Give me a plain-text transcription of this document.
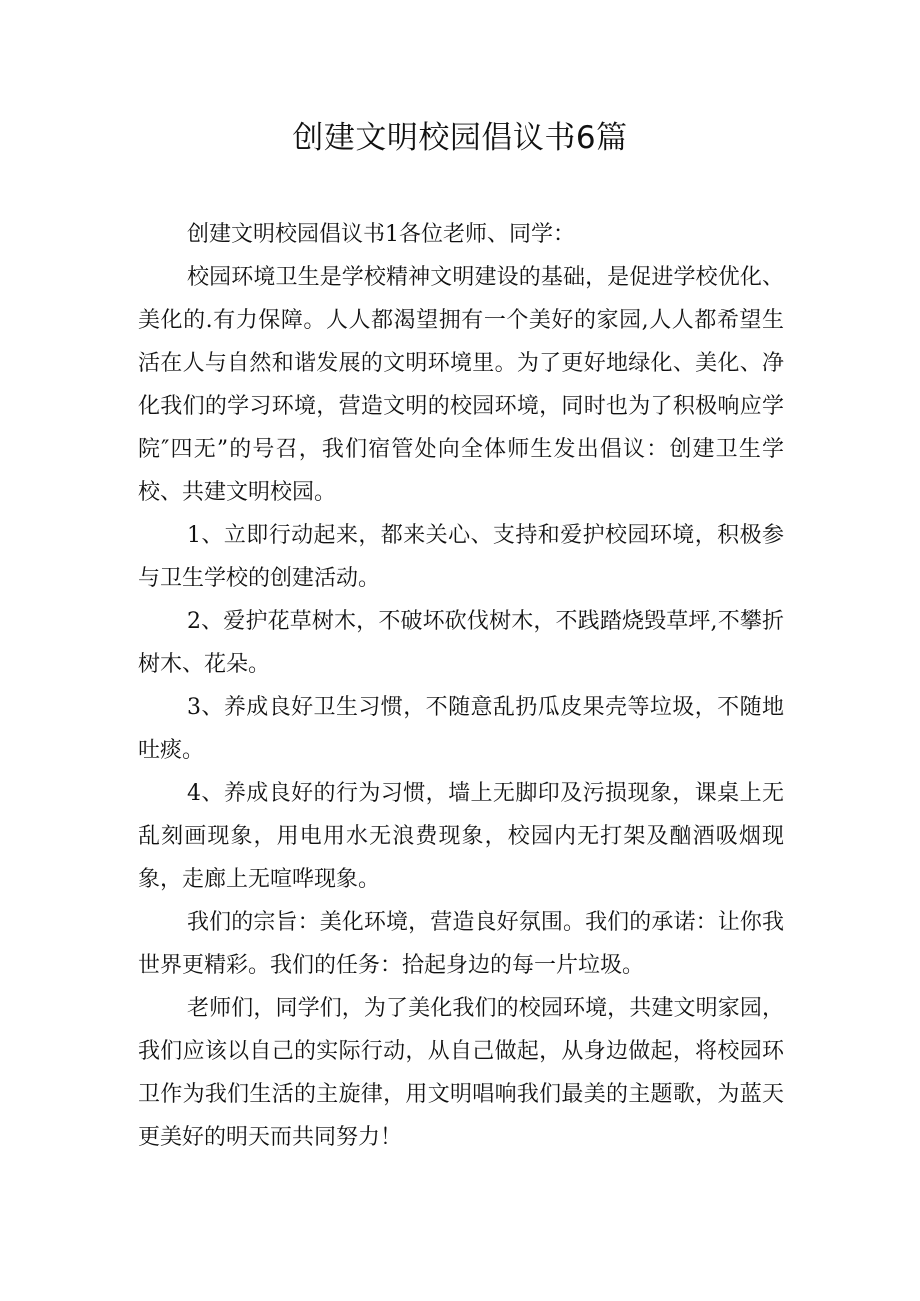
创建文明校园倡议书6篇

创建文明校园倡议书1各位老师、同学：

校园环境卫生是学校精神文明建设的基础，是促进学校优化、美化的.有力保障。人人都渴望拥有一个美好的家园,人人都希望生活在人与自然和谐发展的文明环境里。为了更好地绿化、美化、净化我们的学习环境，营造文明的校园环境，同时也为了积极响应学院″四无”的号召，我们宿管处向全体师生发出倡议：创建卫生学校、共建文明校园。

1、立即行动起来，都来关心、支持和爱护校园环境，积极参与卫生学校的创建活动。

2、爱护花草树木，不破坏砍伐树木，不践踏烧毁草坪,不攀折树木、花朵。

3、养成良好卫生习惯，不随意乱扔瓜皮果壳等垃圾，不随地吐痰。

4、养成良好的行为习惯，墙上无脚印及污损现象，课桌上无乱刻画现象，用电用水无浪费现象，校园内无打架及酗酒吸烟现象，走廊上无喧哗现象。

我们的宗旨：美化环境，营造良好氛围。我们的承诺：让你我世界更精彩。我们的任务：拾起身边的每一片垃圾。

老师们，同学们，为了美化我们的校园环境，共建文明家园，我们应该以自己的实际行动，从自己做起，从身边做起，将校园环卫作为我们生活的主旋律，用文明唱响我们最美的主题歌，为蓝天更美好的明天而共同努力！
